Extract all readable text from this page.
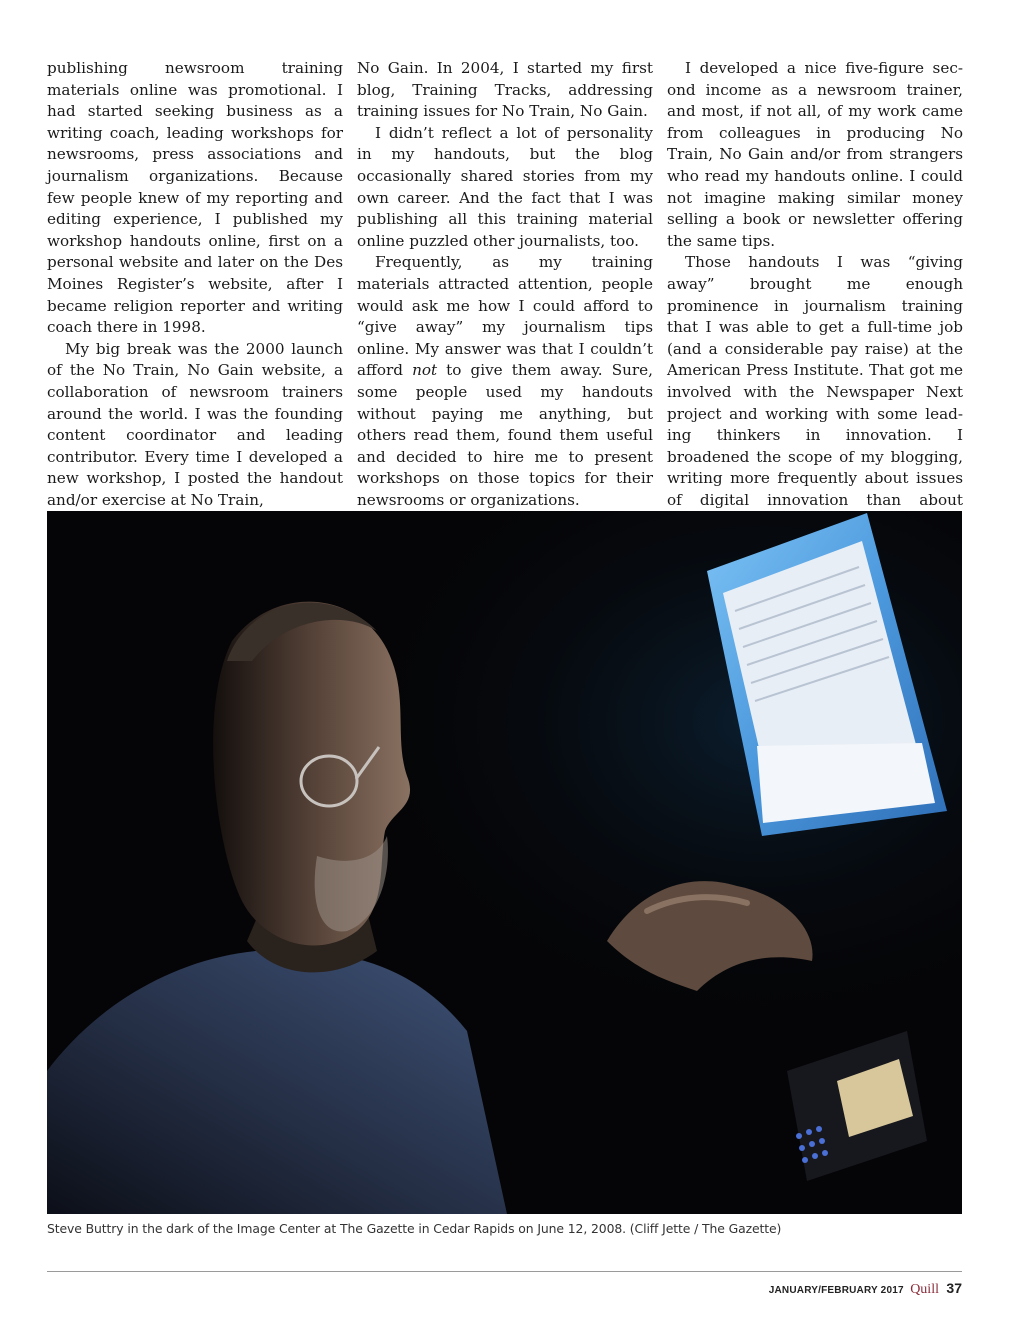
publishing newsroom training materials online was promotional. I had started seeking business as a writing coach, leading workshops for newsrooms, press associations and journalism organizations. Because few people knew of my reporting and editing experience, I published my workshop handouts online, first on a personal website and later on the Des Moines Register’s website, after I became religion reporter and writing coach there in 1998.

My big break was the 2000 launch of the No Train, No Gain website, a collaboration of newsroom trainers around the world. I was the founding content coordinator and leading contributor. Every time I developed a new workshop, I posted the handout and/or exercise at No Train,

No Gain. In 2004, I started my first blog, Training Tracks, addressing training issues for No Train, No Gain.

I didn’t reflect a lot of personality in my handouts, but the blog occasionally shared stories from my own career. And the fact that I was publishing all this training material online puzzled other journalists, too.

Frequently, as my training materials attracted attention, people would ask me how I could afford to “give away” my journalism tips online. My answer was that I couldn’t afford not to give them away. Sure, some people used my handouts without paying me anything, but others read them, found them useful and decided to hire me to present workshops on those topics for their newsrooms or organizations.

I developed a nice five-figure second income as a newsroom trainer, and most, if not all, of my work came from colleagues in producing No Train, No Gain and/or from strangers who read my handouts online. I could not imagine making similar money selling a book or newsletter offering the same tips.

Those handouts I was “giving away” brought me enough prominence in journalism training that I was able to get a full-time job (and a considerable pay raise) at the American Press Institute. That got me involved with the Newspaper Next project and working with some leading thinkers in innovation. I broadened the scope of my blogging, writing more frequently about issues of digital innovation than about

Steve Buttry in the dark of the Image Center at The Gazette in Cedar Rapids on June 12, 2008. (Cliff Jette / The Gazette)
JANUARY/FEBRUARY 2017 Quill 37
